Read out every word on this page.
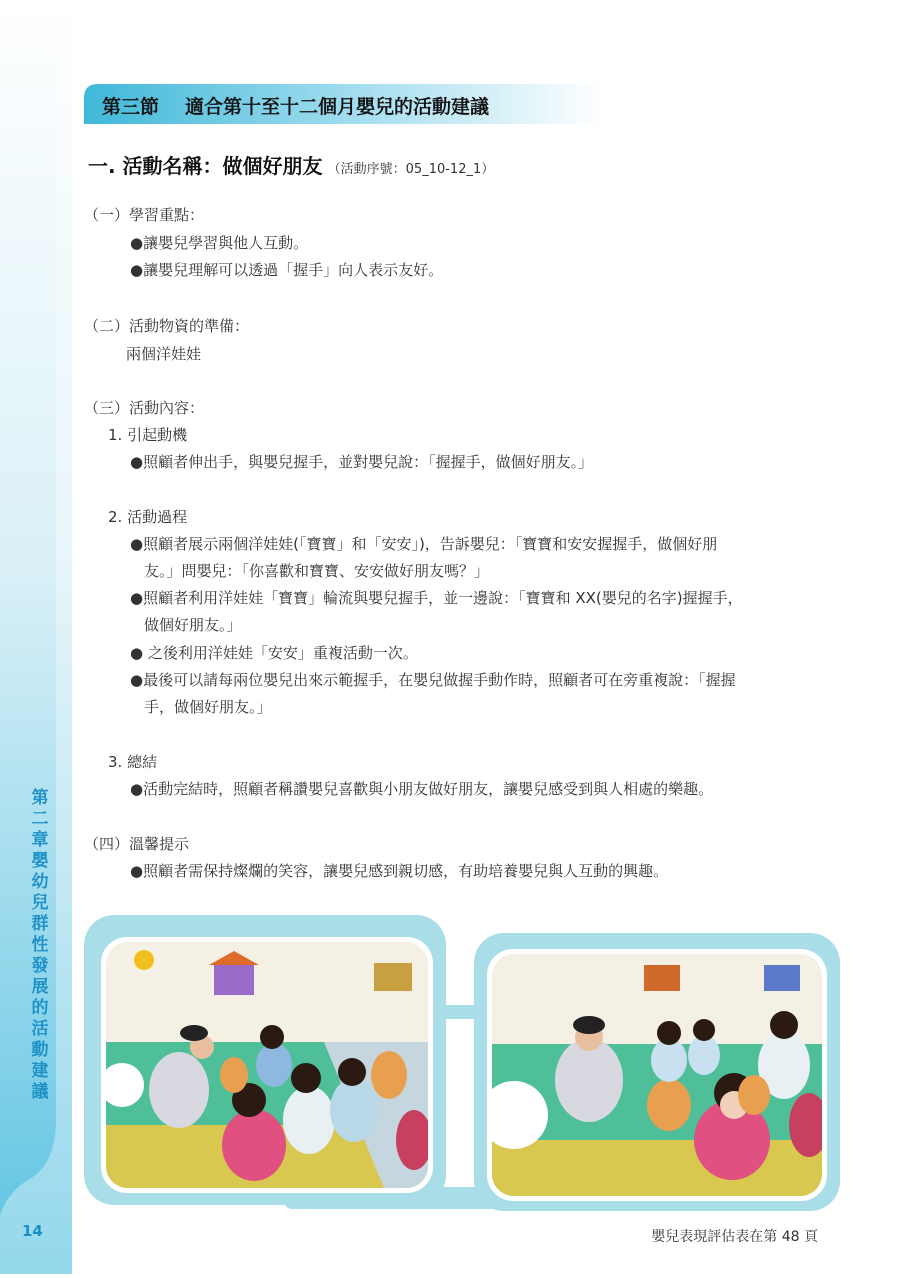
第二章 嬰幼兒群性發展的活動建議
14
第三節 適合第十至十二個月嬰兒的活動建議
一. 活動名稱：做個好朋友 （活動序號：05_10-12_1）
（一）學習重點：
●讓嬰兒學習與他人互動。
●讓嬰兒理解可以透過「握手」向人表示友好。
（二）活動物資的準備：
兩個洋娃娃
（三）活動內容：
1. 引起動機
●照顧者伸出手，與嬰兒握手，並對嬰兒說：「握握手，做個好朋友。」
2. 活動過程
●照顧者展示兩個洋娃娃(「寶寶」和「安安」)，告訴嬰兒：「寶寶和安安握握手，做個好朋
友。」問嬰兒：「你喜歡和寶寶、安安做好朋友嗎？」
●照顧者利用洋娃娃「寶寶」輪流與嬰兒握手，並一邊說：「寶寶和 XX(嬰兒的名字)握握手，
做個好朋友。」
● 之後利用洋娃娃「安安」重複活動一次。
●最後可以請每兩位嬰兒出來示範握手，在嬰兒做握手動作時，照顧者可在旁重複說：「握握
手，做個好朋友。」
3. 總結
●活動完結時，照顧者稱讚嬰兒喜歡與小朋友做好朋友，讓嬰兒感受到與人相處的樂趣。
（四）溫馨提示
●照顧者需保持燦爛的笑容，讓嬰兒感到親切感，有助培養嬰兒與人互動的興趣。
嬰兒表現評估表在第 48 頁
